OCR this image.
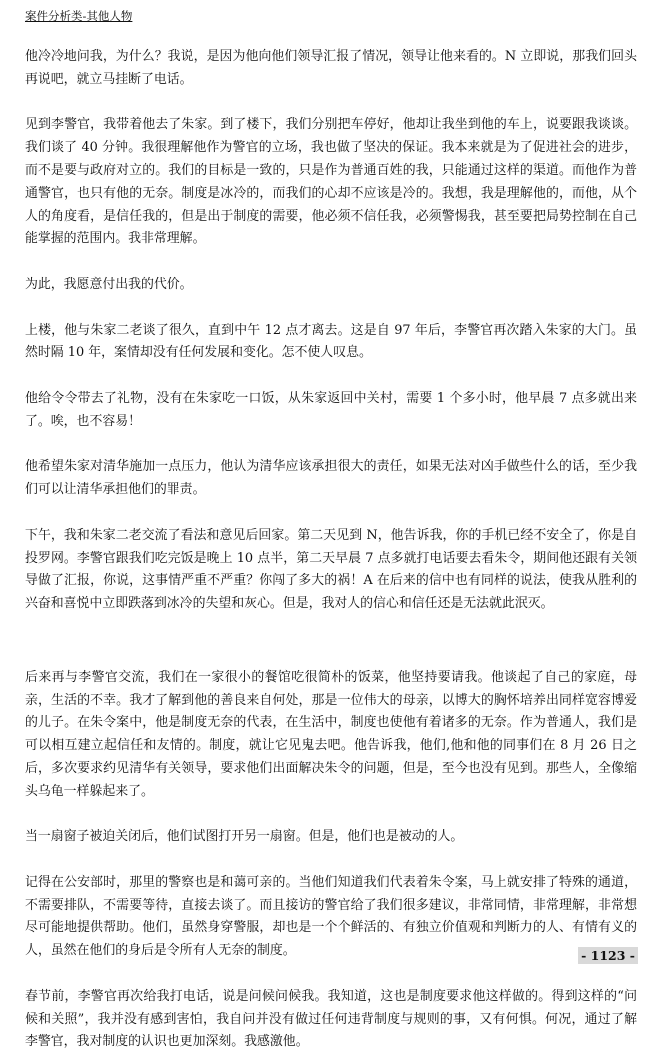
案件分析类-其他人物

他冷冷地问我，为什么？我说，是因为他向他们领导汇报了情况，领导让他来看的。N 立即说，那我们回头再说吧，就立马挂断了电话。

见到李警官，我带着他去了朱家。到了楼下，我们分别把车停好，他却让我坐到他的车上，说要跟我谈谈。我们谈了 40 分钟。我很理解他作为警官的立场，我也做了坚决的保证。我本来就是为了促进社会的进步，而不是要与政府对立的。我们的目标是一致的，只是作为普通百姓的我，只能通过这样的渠道。而他作为普通警官，也只有他的无奈。制度是冰冷的，而我们的心却不应该是冷的。我想，我是理解他的，而他，从个人的角度看，是信任我的，但是出于制度的需要，他必须不信任我，必须警惕我，甚至要把局势控制在自己能掌握的范围内。我非常理解。

为此，我愿意付出我的代价。

上楼，他与朱家二老谈了很久，直到中午 12 点才离去。这是自 97 年后，李警官再次踏入朱家的大门。虽然时隔 10 年，案情却没有任何发展和变化。怎不使人叹息。

他给令令带去了礼物，没有在朱家吃一口饭，从朱家返回中关村，需要 1 个多小时，他早晨 7 点多就出来了。唉，也不容易！

他希望朱家对清华施加一点压力，他认为清华应该承担很大的责任，如果无法对凶手做些什么的话，至少我们可以让清华承担他们的罪责。

下午，我和朱家二老交流了看法和意见后回家。第二天见到 N，他告诉我，你的手机已经不安全了，你是自投罗网。李警官跟我们吃完饭是晚上 10 点半，第二天早晨 7 点多就打电话要去看朱令，期间他还跟有关领导做了汇报，你说，这事情严重不严重？你闯了多大的祸！A 在后来的信中也有同样的说法，使我从胜利的兴奋和喜悦中立即跌落到冰冷的失望和灰心。但是，我对人的信心和信任还是无法就此泯灭。

后来再与李警官交流，我们在一家很小的餐馆吃很简朴的饭菜，他坚持要请我。他谈起了自己的家庭，母亲，生活的不幸。我才了解到他的善良来自何处，那是一位伟大的母亲，以博大的胸怀培养出同样宽容博爱的儿子。在朱令案中，他是制度无奈的代表，在生活中，制度也使他有着诸多的无奈。作为普通人，我们是可以相互建立起信任和友情的。制度，就让它见鬼去吧。他告诉我，他们,他和他的同事们在 8 月 26 日之后，多次要求约见清华有关领导，要求他们出面解决朱令的问题，但是，至今也没有见到。那些人，全像缩头乌龟一样躲起来了。

当一扇窗子被迫关闭后，他们试图打开另一扇窗。但是，他们也是被动的人。

记得在公安部时，那里的警察也是和蔼可亲的。当他们知道我们代表着朱令案，马上就安排了特殊的通道，不需要排队，不需要等待，直接去谈了。而且接访的警官给了我们很多建议，非常同情，非常理解，非常想尽可能地提供帮助。他们，虽然身穿警服，却也是一个个鲜活的、有独立价值观和判断力的人、有情有义的人，虽然在他们的身后是令所有人无奈的制度。

春节前，李警官再次给我打电话，说是问候问候我。我知道，这也是制度要求他这样做的。得到这样的“问候和关照”，我并没有感到害怕，我自问并没有做过任何违背制度与规则的事，又有何惧。何况，通过了解李警官，我对制度的认识也更加深刻。我感激他。

- 1123 -
